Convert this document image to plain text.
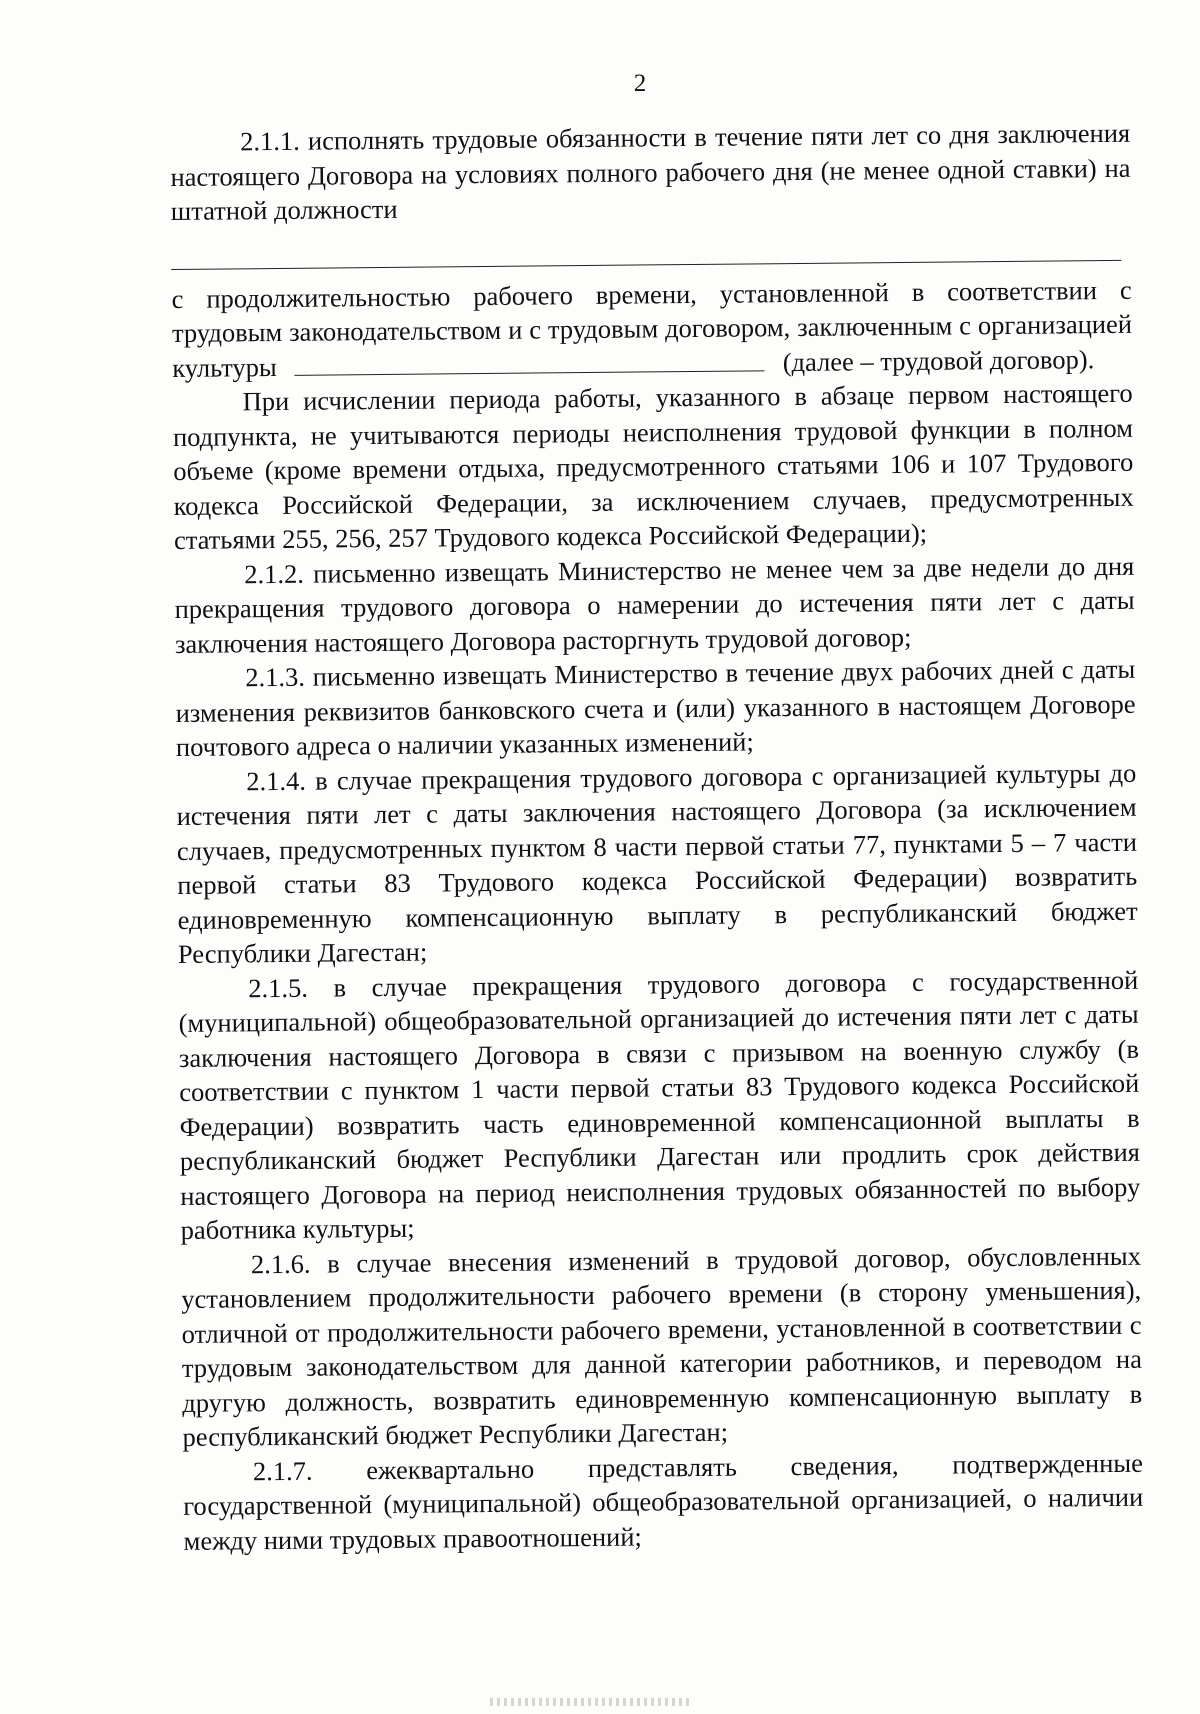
2

2.1.1. исполнять трудовые обязанности в течение пяти лет со дня заключения настоящего Договора на условиях полного рабочего дня (не менее одной ставки) на штатной должности

с продолжительностью рабочего времени, установленной в соответствии с трудовым законодательством и с трудовым договором, заключенным с организацией культуры	(далее – трудовой договор).

При исчислении периода работы, указанного в абзаце первом настоящего подпункта, не учитываются периоды неисполнения трудовой функции в полном объеме (кроме времени отдыха, предусмотренного статьями 106 и 107 Трудового кодекса Российской Федерации, за исключением случаев, предусмотренных статьями 255, 256, 257 Трудового кодекса Российской Федерации);

2.1.2. письменно извещать Министерство не менее чем за две недели до дня прекращения трудового договора о намерении до истечения пяти лет с даты заключения настоящего Договора расторгнуть трудовой договор;

2.1.3. письменно извещать Министерство в течение двух рабочих дней с даты изменения реквизитов банковского счета и (или) указанного в настоящем Договоре почтового адреса о наличии указанных изменений;

2.1.4. в случае прекращения трудового договора с организацией культуры до истечения пяти лет с даты заключения настоящего Договора (за исключением случаев, предусмотренных пунктом 8 части первой статьи 77, пунктами 5 – 7 части первой статьи 83 Трудового кодекса Российской Федерации) возвратить единовременную компенсационную выплату в республиканский бюджет Республики Дагестан;

2.1.5. в случае прекращения трудового договора с государственной (муниципальной) общеобразовательной организацией до истечения пяти лет с даты заключения настоящего Договора в связи с призывом на военную службу (в соответствии с пунктом 1 части первой статьи 83 Трудового кодекса Российской Федерации) возвратить часть единовременной компенсационной выплаты в республиканский бюджет Республики Дагестан или продлить срок действия настоящего Договора на период неисполнения трудовых обязанностей по выбору работника культуры;

2.1.6. в случае внесения изменений в трудовой договор, обусловленных установлением продолжительности рабочего времени (в сторону уменьшения), отличной от продолжительности рабочего времени, установленной в соответствии с трудовым законодательством для данной категории работников, и переводом на другую должность, возвратить единовременную компенсационную выплату в республиканский бюджет Республики Дагестан;

2.1.7. ежеквартально представлять сведения, подтвержденные государственной (муниципальной) общеобразовательной организацией, о наличии между ними трудовых правоотношений;
